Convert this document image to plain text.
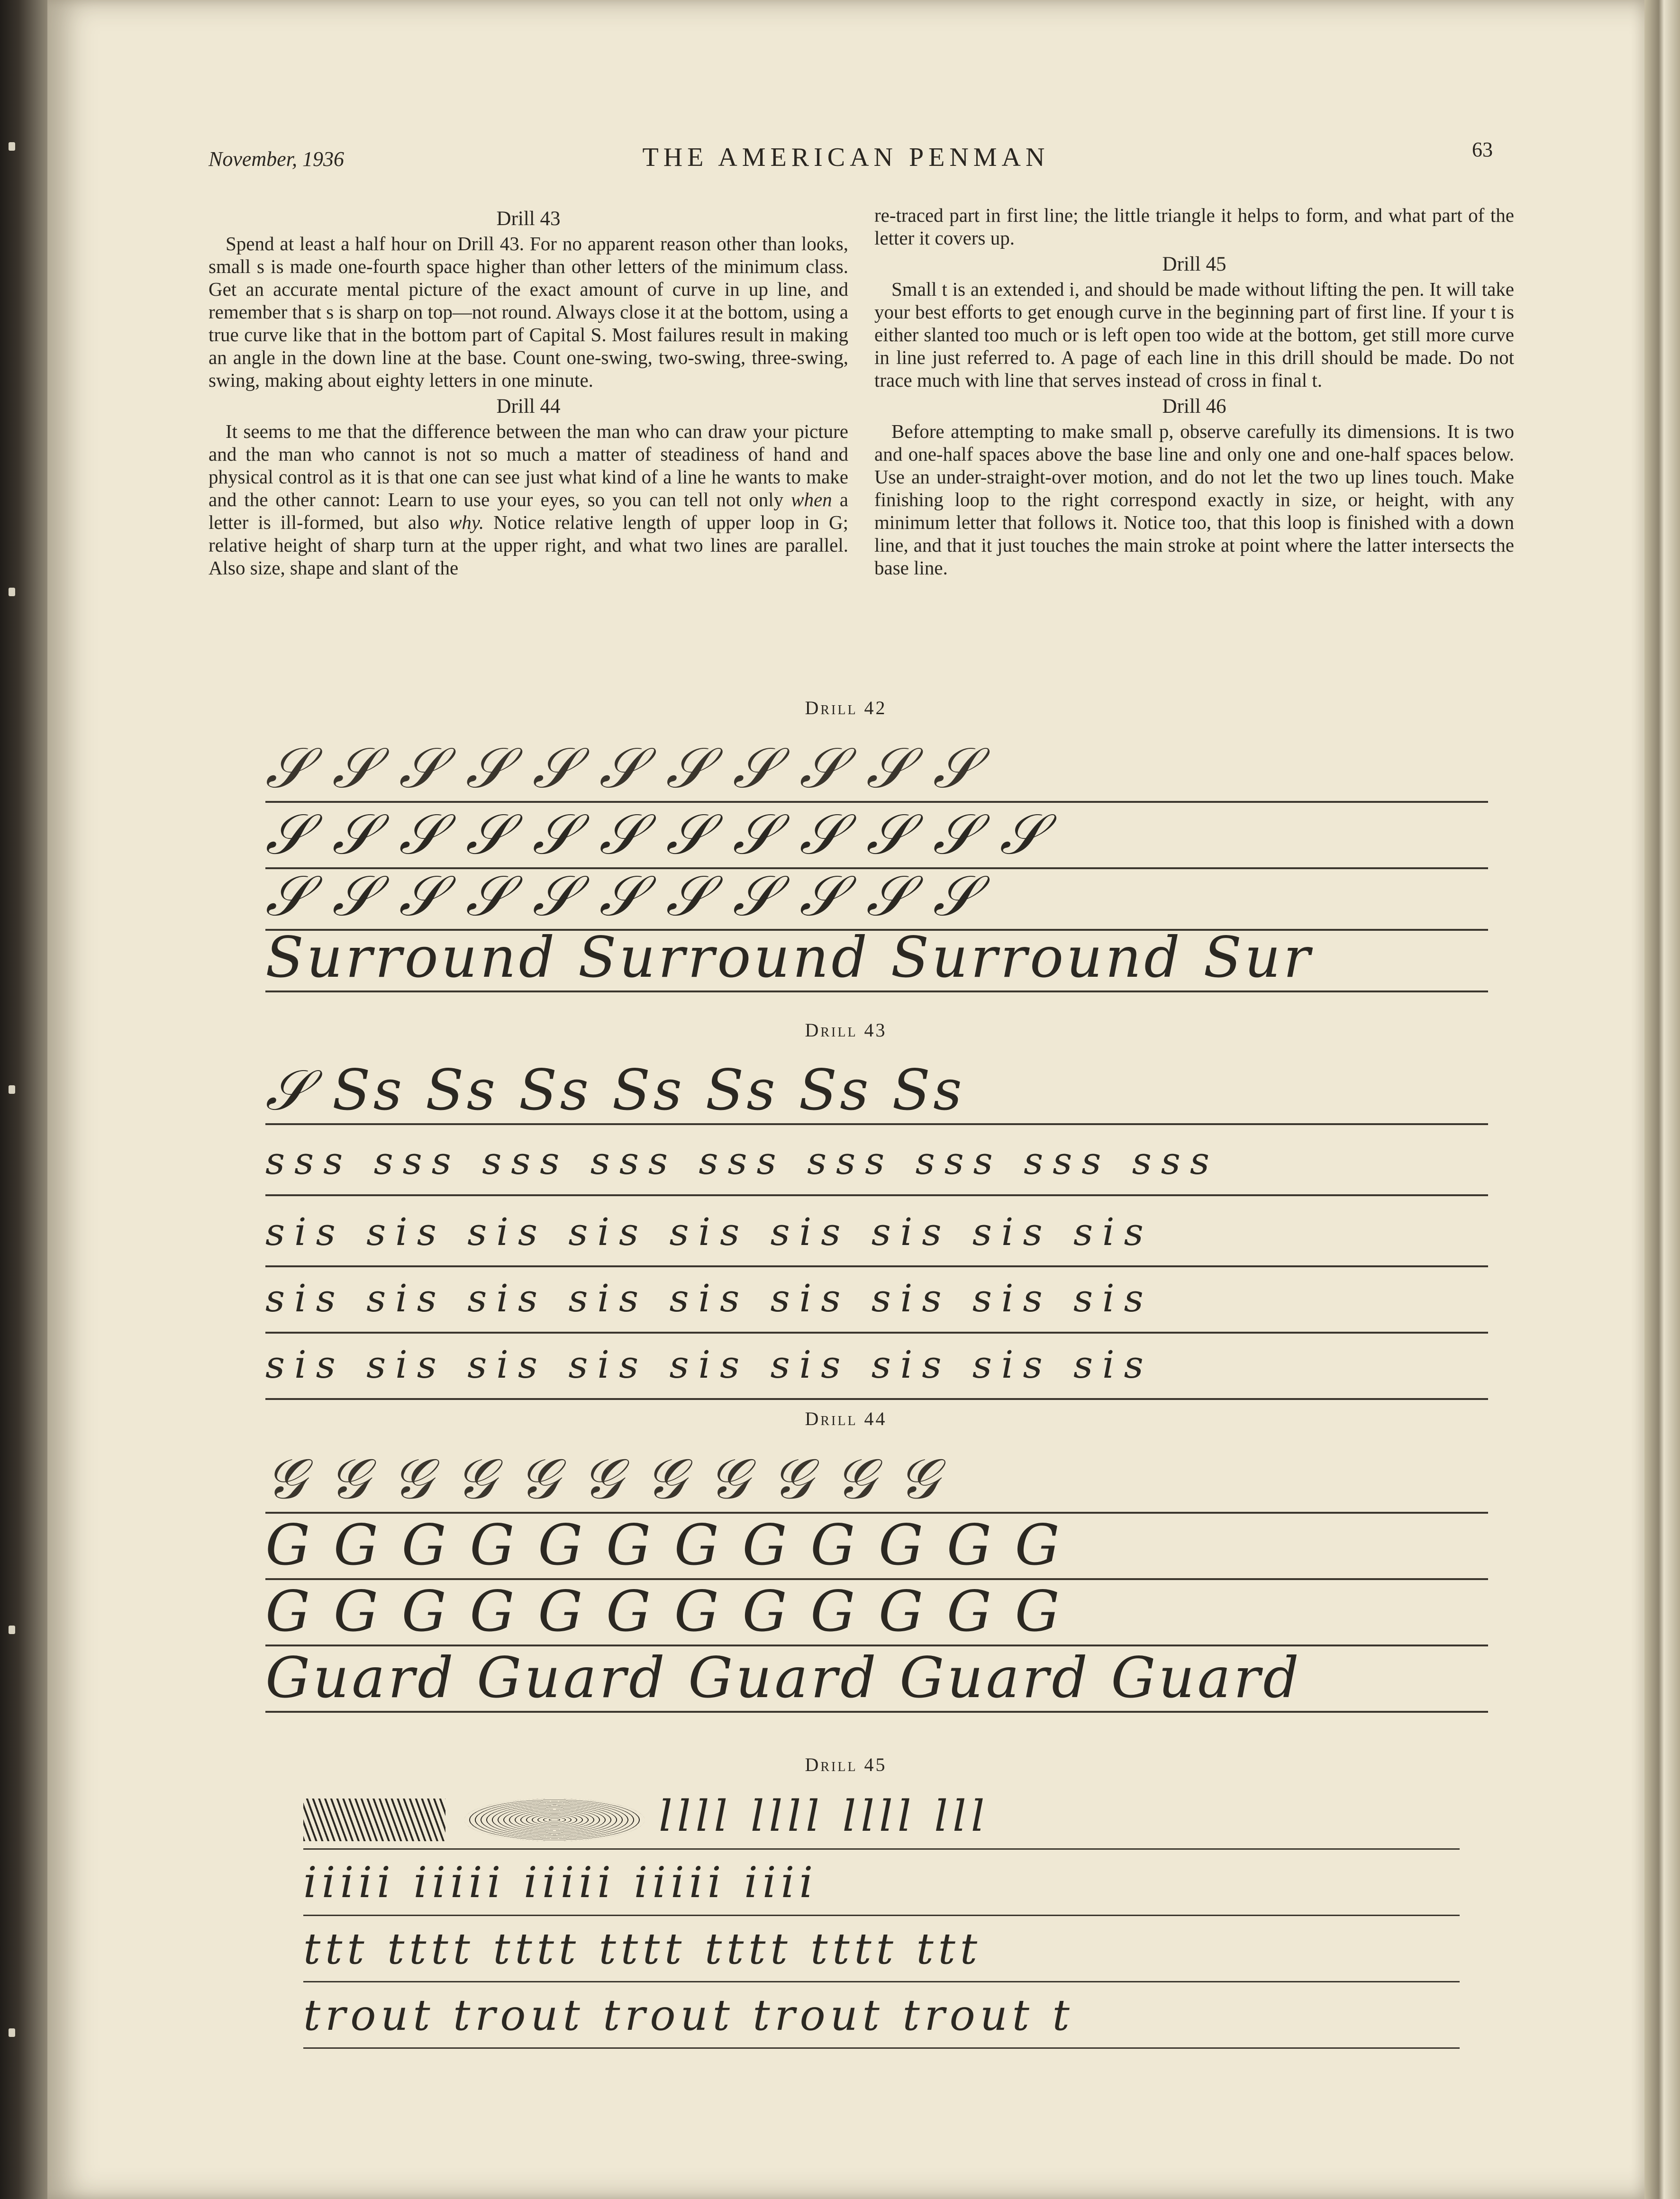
November, 1936	THE AMERICAN PENMAN	63
Drill 43

Spend at least a half hour on Drill 43. For no apparent reason other than looks, small s is made one-fourth space higher than other letters of the minimum class. Get an accurate mental picture of the exact amount of curve in up line, and remember that s is sharp on top—not round. Always close it at the bottom, using a true curve like that in the bottom part of Capital S. Most failures result in making an angle in the down line at the base. Count one-swing, two-swing, three-swing, swing, making about eighty letters in one minute.

Drill 44

It seems to me that the difference between the man who can draw your picture and the man who cannot is not so much a matter of steadiness of hand and physical control as it is that one can see just what kind of a line he wants to make and the other cannot: Learn to use your eyes, so you can tell not only when a letter is ill-formed, but also why. Notice relative length of upper loop in G; relative height of sharp turn at the upper right, and what two lines are parallel. Also size, shape and slant of the

re-traced part in first line; the little triangle it helps to form, and what part of the letter it covers up.

Drill 45

Small t is an extended i, and should be made without lifting the pen. It will take your best efforts to get enough curve in the beginning part of first line. If your t is either slanted too much or is left open too wide at the bottom, get still more curve in line just referred to. A page of each line in this drill should be made. Do not trace much with line that serves instead of cross in final t.

Drill 46

Before attempting to make small p, observe carefully its dimensions. It is two and one-half spaces above the base line and only one and one-half spaces below. Use an under-straight-over motion, and do not let the two up lines touch. Make finishing loop to the right correspond exactly in size, or height, with any minimum letter that follows it. Notice too, that this loop is finished with a down line, and that it just touches the main stroke at point where the latter intersects the base line.

Drill 42
𝒮 𝒮 𝒮 𝒮 𝒮 𝒮 𝒮 𝒮 𝒮 𝒮 𝒮
𝒮 𝒮 𝒮 𝒮 𝒮 𝒮 𝒮 𝒮 𝒮 𝒮 𝒮 𝒮
𝒮 𝒮 𝒮 𝒮 𝒮 𝒮 𝒮 𝒮 𝒮 𝒮 𝒮
Surround Surround Surround Sur
Drill 43
𝒮 Ss Ss Ss Ss Ss Ss Ss
sss sss sss sss sss sss sss sss sss
sis sis sis sis sis sis sis sis sis
sis sis sis sis sis sis sis sis sis
sis sis sis sis sis sis sis sis sis
Drill 44
𝒢 𝒢 𝒢 𝒢 𝒢 𝒢 𝒢 𝒢 𝒢 𝒢 𝒢
G G G G G G G G G G G G
G G G G G G G G G G G G
Guard Guard Guard Guard Guard
Drill 45
llll llll llll lll
iiiii iiiii iiiii iiiii iiii
ttt tttt tttt tttt tttt tttt ttt
trout trout trout trout trout t
